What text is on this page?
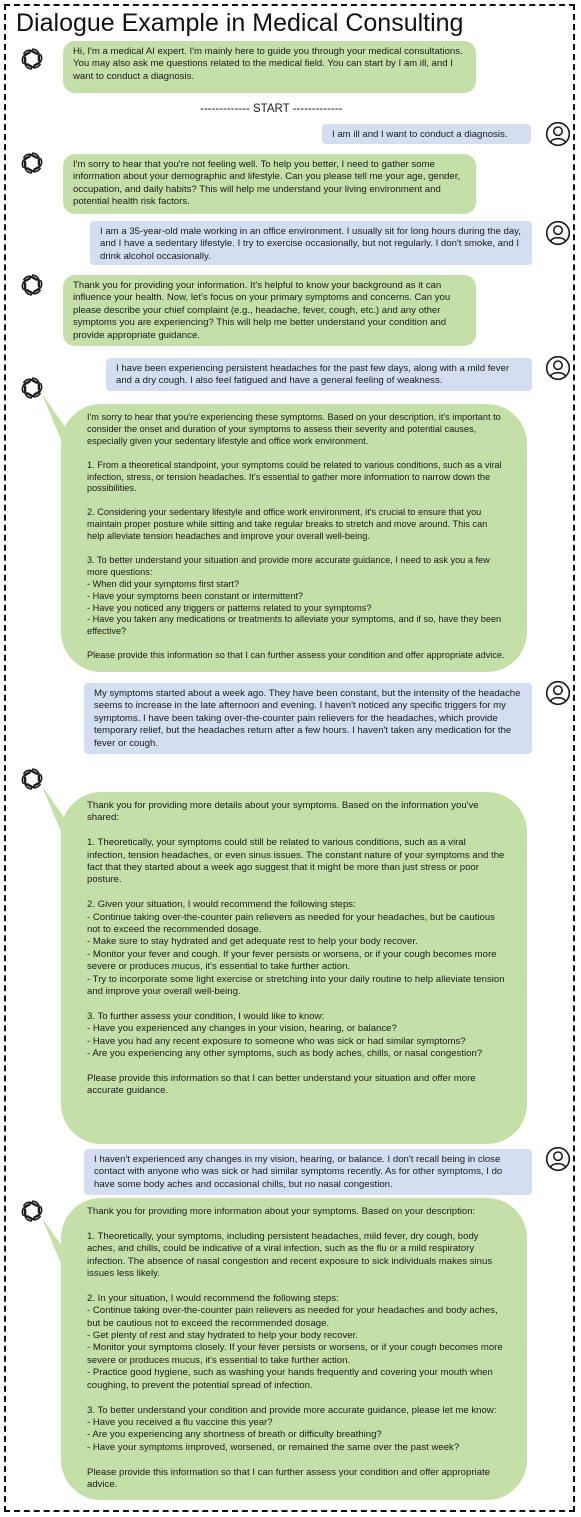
Dialogue Example in Medical Consulting
------------- START -------------

Hi, I'm a medical AI expert. I'm mainly here to guide you through your medical consultations. You may also ask me questions related to the medical field. You can start by I am ill, and I want to conduct a diagnosis.

I am ill and I want to conduct a diagnosis.

I'm sorry to hear that you're not feeling well. To help you better, I need to gather some information about your demographic and lifestyle. Can you please tell me your age, gender, occupation, and daily habits? This will help me understand your living environment and potential health risk factors.

I am a 35-year-old male working in an office environment. I usually sit for long hours during the day, and I have a sedentary lifestyle. I try to exercise occasionally, but not regularly. I don't smoke, and I drink alcohol occasionally.

Thank you for providing your information. It's helpful to know your background as it can influence your health. Now, let's focus on your primary symptoms and concerns. Can you please describe your chief complaint (e.g., headache, fever, cough, etc.) and any other symptoms you are experiencing? This will help me better understand your condition and provide appropriate guidance.

I have been experiencing persistent headaches for the past few days, along with a mild fever and a dry cough. I also feel fatigued and have a general feeling of weakness.

I'm sorry to hear that you're experiencing these symptoms. Based on your description, it's important to consider the onset and duration of your symptoms to assess their severity and potential causes, especially given your sedentary lifestyle and office work environment.

1. From a theoretical standpoint, your symptoms could be related to various conditions, such as a viral infection, stress, or tension headaches. It's essential to gather more information to narrow down the possibilities.

2. Considering your sedentary lifestyle and office work environment, it's crucial to ensure that you maintain proper posture while sitting and take regular breaks to stretch and move around. This can help alleviate tension headaches and improve your overall well-being.

3. To better understand your situation and provide more accurate guidance, I need to ask you a few more questions:
- When did your symptoms first start?
- Have your symptoms been constant or intermittent?
- Have you noticed any triggers or patterns related to your symptoms?
- Have you taken any medications or treatments to alleviate your symptoms, and if so, have they been effective?

Please provide this information so that I can further assess your condition and offer appropriate advice.

My symptoms started about a week ago. They have been constant, but the intensity of the headache seems to increase in the late afternoon and evening. I haven't noticed any specific triggers for my symptoms. I have been taking over-the-counter pain relievers for the headaches, which provide temporary relief, but the headaches return after a few hours. I haven't taken any medication for the fever or cough.

Thank you for providing more details about your symptoms. Based on the information you've shared:

1. Theoretically, your symptoms could still be related to various conditions, such as a viral infection, tension headaches, or even sinus issues. The constant nature of your symptoms and the fact that they started about a week ago suggest that it might be more than just stress or poor posture.

2. Given your situation, I would recommend the following steps:
- Continue taking over-the-counter pain relievers as needed for your headaches, but be cautious not to exceed the recommended dosage.
- Make sure to stay hydrated and get adequate rest to help your body recover.
- Monitor your fever and cough. If your fever persists or worsens, or if your cough becomes more severe or produces mucus, it's essential to take further action.
- Try to incorporate some light exercise or stretching into your daily routine to help alleviate tension and improve your overall well-being.

3. To further assess your condition, I would like to know:
- Have you experienced any changes in your vision, hearing, or balance?
- Have you had any recent exposure to someone who was sick or had similar symptoms?
- Are you experiencing any other symptoms, such as body aches, chills, or nasal congestion?

Please provide this information so that I can better understand your situation and offer more accurate guidance.

I haven't experienced any changes in my vision, hearing, or balance. I don't recall being in close contact with anyone who was sick or had similar symptoms recently. As for other symptoms, I do have some body aches and occasional chills, but no nasal congestion.

Thank you for providing more information about your symptoms. Based on your description:

1. Theoretically, your symptoms, including persistent headaches, mild fever, dry cough, body aches, and chills, could be indicative of a viral infection, such as the flu or a mild respiratory infection. The absence of nasal congestion and recent exposure to sick individuals makes sinus issues less likely.

2. In your situation, I would recommend the following steps:
- Continue taking over-the-counter pain relievers as needed for your headaches and body aches, but be cautious not to exceed the recommended dosage.
- Get plenty of rest and stay hydrated to help your body recover.
- Monitor your symptoms closely. If your fever persists or worsens, or if your cough becomes more severe or produces mucus, it's essential to take further action.
- Practice good hygiene, such as washing your hands frequently and covering your mouth when coughing, to prevent the potential spread of infection.

3. To better understand your condition and provide more accurate guidance, please let me know:
- Have you received a flu vaccine this year?
- Are you experiencing any shortness of breath or difficulty breathing?
- Have your symptoms improved, worsened, or remained the same over the past week?

Please provide this information so that I can further assess your condition and offer appropriate advice.
